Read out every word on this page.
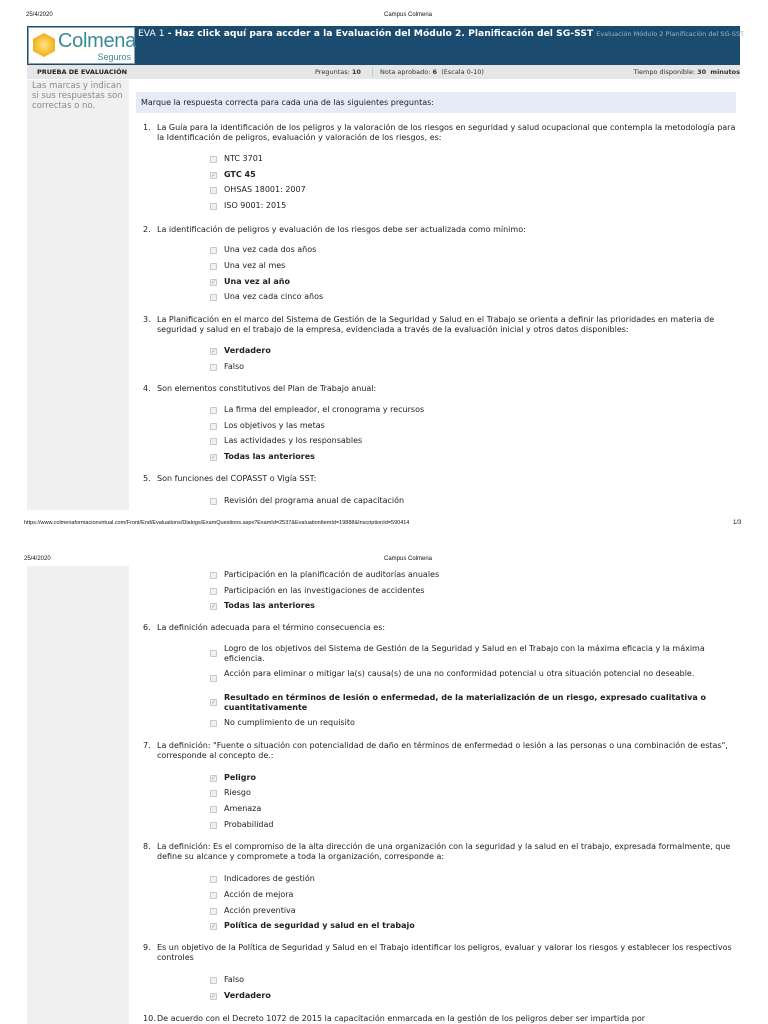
25/4/2020	Campus Colmena
Colmena
Seguros
EVA 1 - Haz click aquí para accder a la Evaluación del Módulo 2. Planificación del SG-SST Evaluación Módulo 2 Planificación del SG-SST
PRUEBA DE EVALUACIÓN	Preguntas: 10	Nota aprobado: 6 (Escala 0-10)	Tiempo disponible: 30 minutos
Las marcas y indican si sus respuestas son correctas o no.	Marque la respuesta correcta para cada una de las siguientes preguntas:
1. La Guía para la identificación de los peligros y la valoración de los riesgos en seguridad y salud ocupacional que contempla la metodología para la Identificación de peligros, evaluación y valoración de los riesgos, es:
NTC 3701
✓ GTC 45
OHSAS 18001: 2007
ISO 9001: 2015
2. La identificación de peligros y evaluación de los riesgos debe ser actualizada como mínimo:
Una vez cada dos años
Una vez al mes
✓ Una vez al año
Una vez cada cinco años
3. La Planificación en el marco del Sistema de Gestión de la Seguridad y Salud en el Trabajo se orienta a definir las prioridades en materia de seguridad y salud en el trabajo de la empresa, evidenciada a través de la evaluación inicial y otros datos disponibles:
✓ Verdadero
Falso
4. Son elementos constitutivos del Plan de Trabajo anual:
La firma del empleador, el cronograma y recursos
Los objetivos y las metas
Las actividades y los responsables
✓ Todas las anteriores
5. Son funciones del COPASST o Vigía SST:
Revisión del programa anual de capacitación
https://www.colmenaformacionvirtual.com/Front/End/Evaluations/Dialogs/ExamQuestions.aspx?ExamId=2537&EvaluationItemId=19888&InscriptionId=590414	1/3
25/4/2020	Campus Colmena
Participación en la planificación de auditorías anuales
Participación en las investigaciones de accidentes
✓ Todas las anteriores
6. La definición adecuada para el término consecuencia es:
Logro de los objetivos del Sistema de Gestión de la Seguridad y Salud en el Trabajo con la máxima eficacia y la máxima eficiencia.
Acción para eliminar o mitigar la(s) causa(s) de una no conformidad potencial u otra situación potencial no deseable.
✓
Resultado en términos de lesión o enfermedad, de la materialización de un riesgo, expresado cualitativa o cuantitativamente
No cumplimiento de un requisito
7. La definición: "Fuente o situación con potencialidad de daño en términos de enfermedad o lesión a las personas o una combinación de estas", corresponde al concepto de.:
✓ Peligro
Riesgo
Amenaza
Probabilidad
8. La definición: Es el compromiso de la alta dirección de una organización con la seguridad y la salud en el trabajo, expresada formalmente, que define su alcance y compromete a toda la organización, corresponde a:
Indicadores de gestión
Acción de mejora
Acción preventiva
✓ Política de seguridad y salud en el trabajo
9. Es un objetivo de la Política de Seguridad y Salud en el Trabajo identificar los peligros, evaluar y valorar los riesgos y establecer los respectivos controles
Falso
✓ Verdadero
10. De acuerdo con el Decreto 1072 de 2015 la capacitación enmarcada en la gestión de los peligros deber ser impartida por
